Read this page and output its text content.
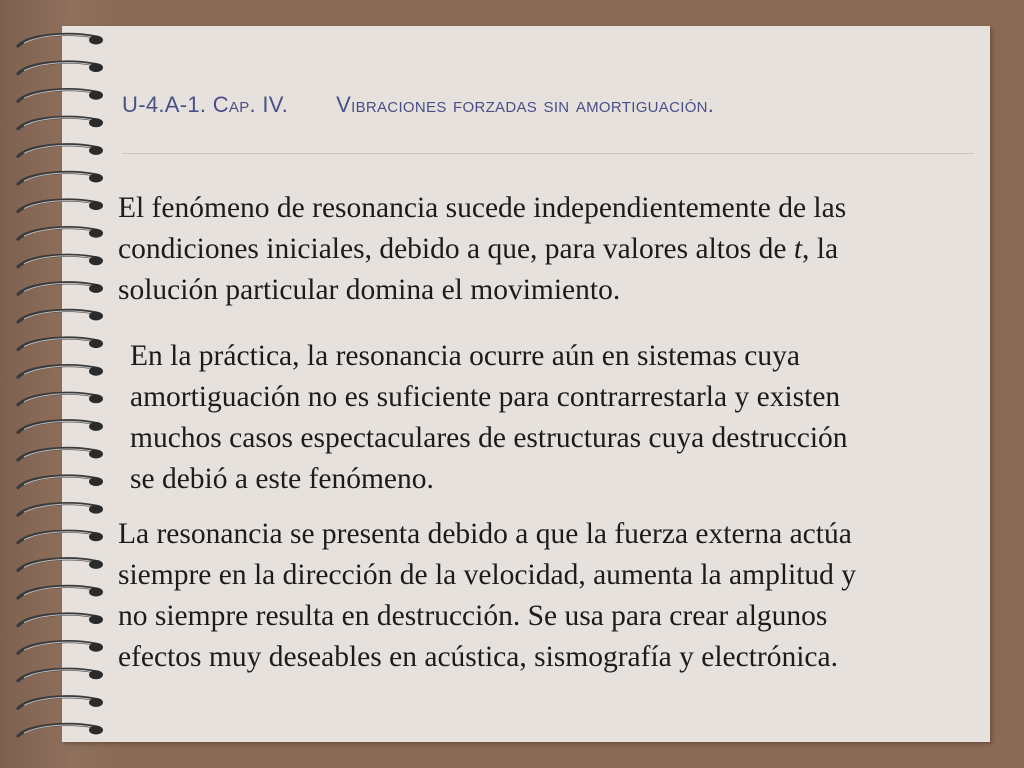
U-4.A-1. Cap. IV. Vibraciones forzadas sin amortiguación.
El fenómeno de resonancia sucede independientemente de las
condiciones iniciales, debido a que, para valores altos de t, la
solución particular domina el movimiento.
En la práctica, la resonancia ocurre aún en sistemas cuya
amortiguación no es suficiente para contrarrestarla y existen
muchos casos espectaculares de estructuras cuya destrucción
se debió a este fenómeno.
La resonancia se presenta debido a que la fuerza externa actúa
siempre en la dirección de la velocidad, aumenta la amplitud y
no siempre resulta en destrucción. Se usa para crear algunos
efectos muy deseables en acústica, sismografía y electrónica.
